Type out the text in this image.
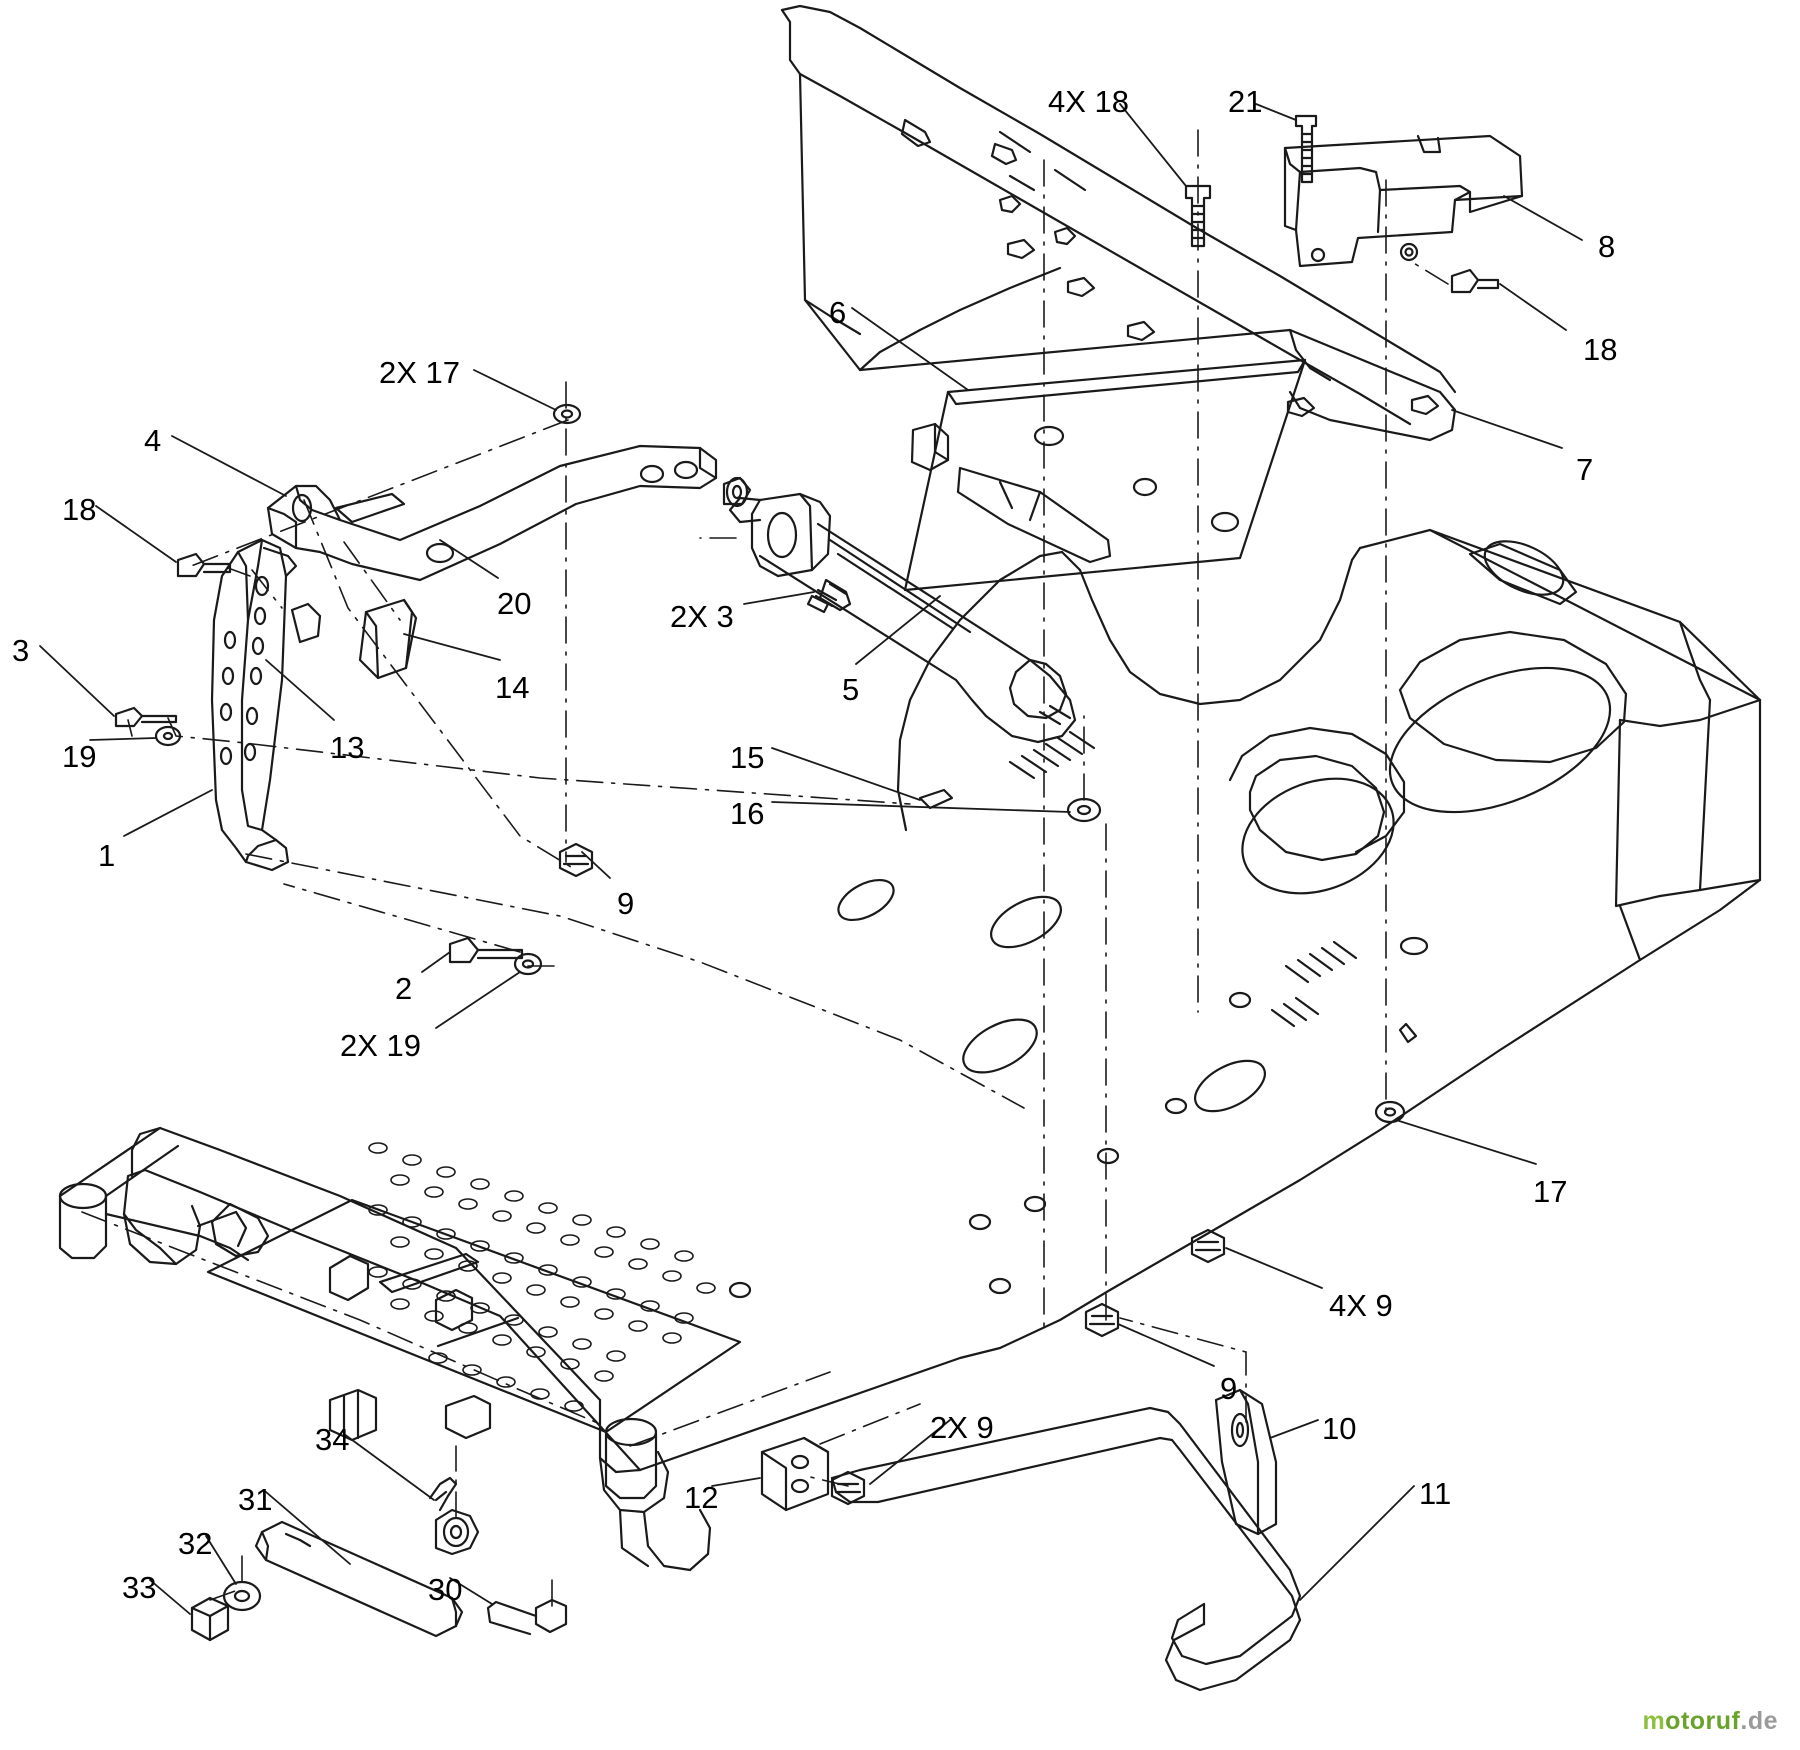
4X 18	21
8
18
6
7
2X 17
4
18
20	2X 3
14	5
3
13
19	15
16
1
9
2
2X 19
17
4X 9
9
2X 9	10
11
12
34
31
32
33	30
motoruf.de
